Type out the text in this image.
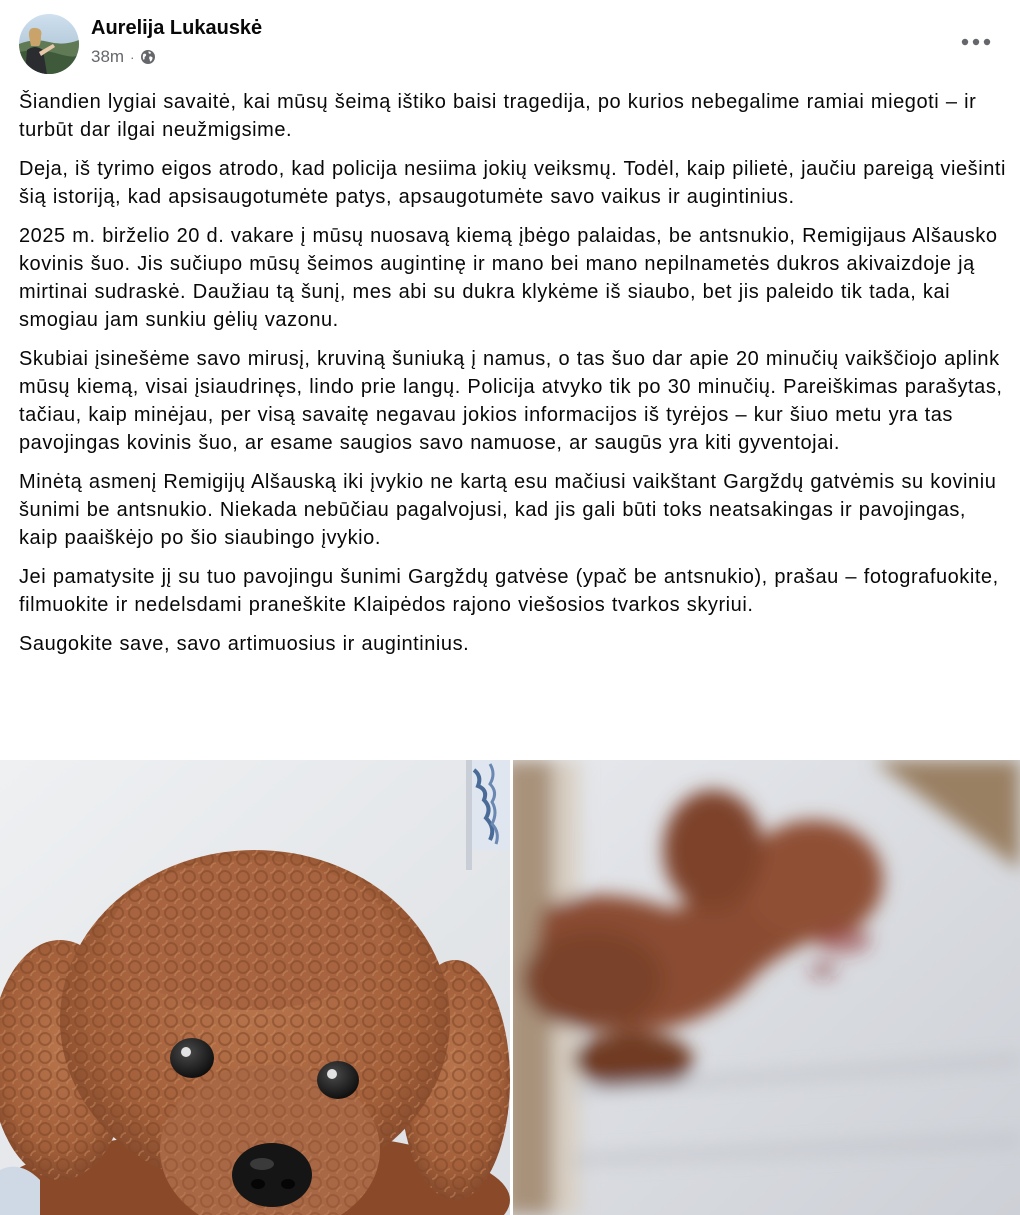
Aurelija Lukauskė
38m ·

Šiandien lygiai savaitė, kai mūsų šeimą ištiko baisi tragedija, po kurios nebegalime ramiai miegoti – ir turbūt dar ilgai neužmigsime.

Deja, iš tyrimo eigos atrodo, kad policija nesiima jokių veiksmų. Todėl, kaip pilietė, jaučiu pareigą viešinti šią istoriją, kad apsisaugotumėte patys, apsaugotumėte savo vaikus ir augintinius.

2025 m. birželio 20 d. vakare į mūsų nuosavą kiemą įbėgo palaidas, be antsnukio, Remigijaus Alšausko kovinis šuo. Jis sučiupo mūsų šeimos augintinę ir mano bei mano nepilnametės dukros akivaizdoje ją mirtinai sudraskė. Daužiau tą šunį, mes abi su dukra klykėme iš siaubo, bet jis paleido tik tada, kai smogiau jam sunkiu gėlių vazonu.

Skubiai įsinešėme savo mirusį, kruviną šuniuką į namus, o tas šuo dar apie 20 minučių vaikščiojo aplink mūsų kiemą, visai įsiaudrinęs, lindo prie langų. Policija atvyko tik po 30 minučių. Pareiškimas parašytas, tačiau, kaip minėjau, per visą savaitę negavau jokios informacijos iš tyrėjos – kur šiuo metu yra tas pavojingas kovinis šuo, ar esame saugios savo namuose, ar saugūs yra kiti gyventojai.

Minėtą asmenį Remigijų Alšauską iki įvykio ne kartą esu mačiusi vaikštant Gargždų gatvėmis su koviniu šunimi be antsnukio. Niekada nebūčiau pagalvojusi, kad jis gali būti toks neatsakingas ir pavojingas, kaip paaiškėjo po šio siaubingo įvykio.

Jei pamatysite jį su tuo pavojingu šunimi Gargždų gatvėse (ypač be antsnukio), prašau – fotografuokite, filmuokite ir nedelsdami praneškite Klaipėdos rajono viešosios tvarkos skyriui.

Saugokite save, savo artimuosius ir augintinius.
